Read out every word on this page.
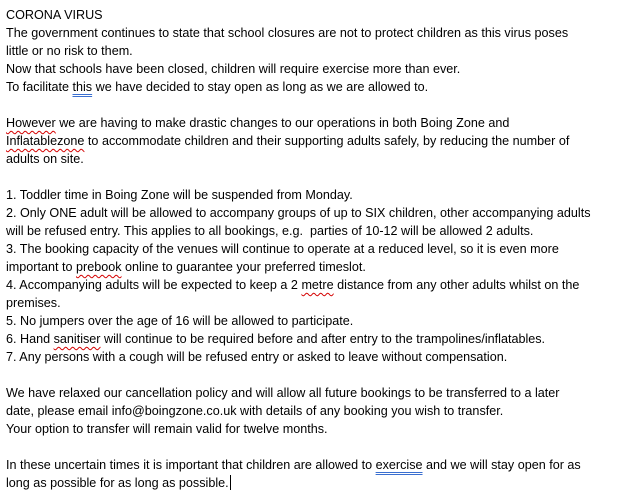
CORONA VIRUS
The government continues to state that school closures are not to protect children as this virus poses
little or no risk to them.
Now that schools have been closed, children will require exercise more than ever.
To facilitate this we have decided to stay open as long as we are allowed to.
However we are having to make drastic changes to our operations in both Boing Zone and
Inflatablezone to accommodate children and their supporting adults safely, by reducing the number of
adults on site.
1. Toddler time in Boing Zone will be suspended from Monday.
2. Only ONE adult will be allowed to accompany groups of up to SIX children, other accompanying adults
will be refused entry. This applies to all bookings, e.g.  parties of 10-12 will be allowed 2 adults.
3. The booking capacity of the venues will continue to operate at a reduced level, so it is even more
important to prebook online to guarantee your preferred timeslot.
4. Accompanying adults will be expected to keep a 2 metre distance from any other adults whilst on the
premises.
5. No jumpers over the age of 16 will be allowed to participate.
6. Hand sanitiser will continue to be required before and after entry to the trampolines/inflatables.
7. Any persons with a cough will be refused entry or asked to leave without compensation.
We have relaxed our cancellation policy and will allow all future bookings to be transferred to a later
date, please email info@boingzone.co.uk with details of any booking you wish to transfer.
Your option to transfer will remain valid for twelve months.
In these uncertain times it is important that children are allowed to exercise and we will stay open for as
long as possible for as long as possible.
